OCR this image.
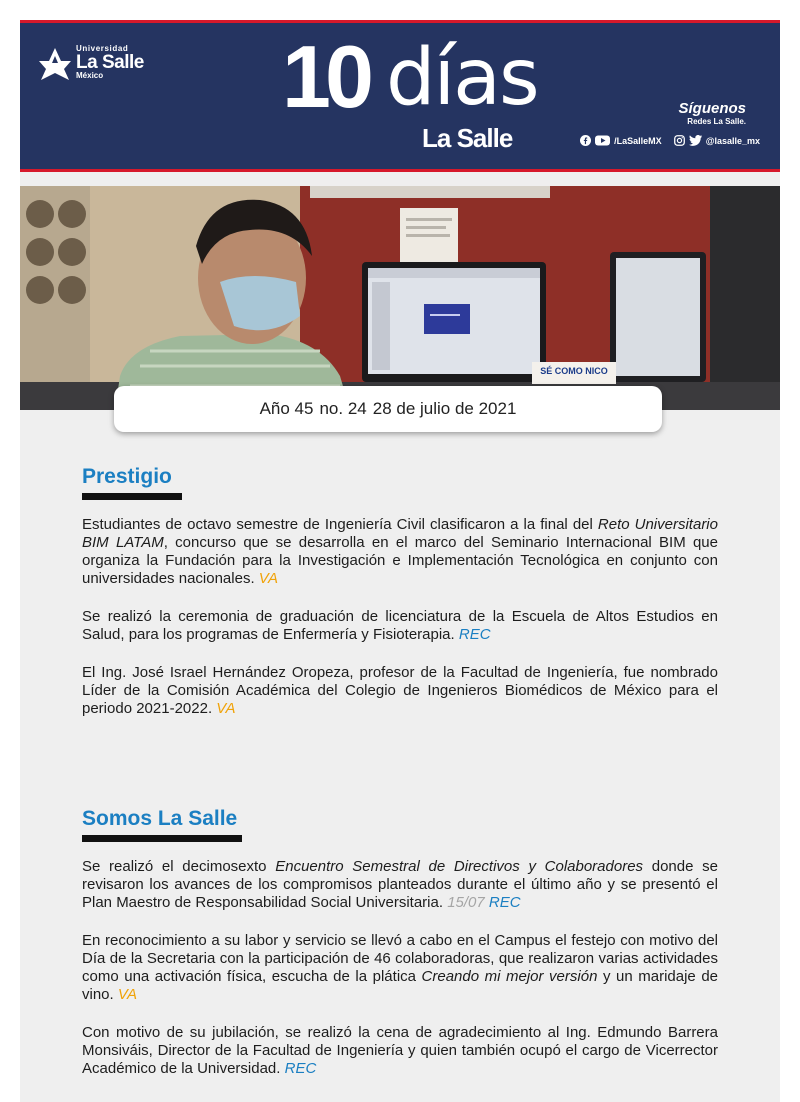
Universidad
La Salle
México	10 días
La Salle
Síguenos
Redes La Salle.
/LaSalleMX	@lasalle_mx
SÉ COMO NICO
Año 45 no. 24 28 de julio de 2021
Prestigio

Estudiantes de octavo semestre de Ingeniería Civil clasificaron a la final del Reto Universitario BIM LATAM, concurso que se desarrolla en el marco del Seminario Internacional BIM que organiza la Fundación para la Investigación e Implementación Tecnológica en conjunto con universidades nacionales. VA

Se realizó la ceremonia de graduación de licenciatura de la Escuela de Altos Estudios en Salud, para los programas de Enfermería y Fisioterapia. REC

El Ing. José Israel Hernández Oropeza, profesor de la Facultad de Ingeniería, fue nombrado Líder de la Comisión Académica del Colegio de Ingenieros Biomédicos de México para el periodo 2021-2022. VA

Somos La Salle

Se realizó el decimosexto Encuentro Semestral de Directivos y Colaboradores donde se revisaron los avances de los compromisos planteados durante el último año y se presentó el Plan Maestro de Responsabilidad Social Universitaria. 15/07 REC

En reconocimiento a su labor y servicio se llevó a cabo en el Campus el festejo con motivo del Día de la Secretaria con la participación de 46 colaboradoras, que realizaron varias actividades como una activación física, escucha de la plática Creando mi mejor versión y un maridaje de vino. VA

Con motivo de su jubilación, se realizó la cena de agradecimiento al Ing. Edmundo Barrera Monsiváis, Director de la Facultad de Ingeniería y quien también ocupó el cargo de Vicerrector Académico de la Universidad. REC
